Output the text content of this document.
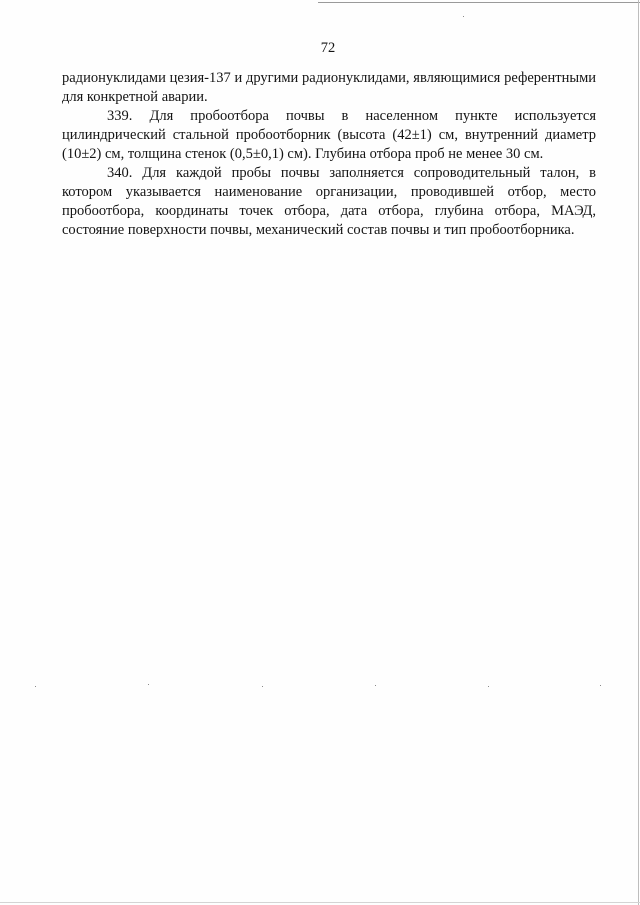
72

радионуклидами цезия-137 и другими радионуклидами, являющимися референтными для конкретной аварии.

339. Для пробоотбора почвы в населенном пункте используется цилиндрический стальной пробоотборник (высота (42±1) см, внутренний диаметр (10±2) см, толщина стенок (0,5±0,1) см). Глубина отбора проб не менее 30 см.

340. Для каждой пробы почвы заполняется сопроводительный талон, в котором указывается наименование организации, проводившей отбор, место пробоотбора, координаты точек отбора, дата отбора, глубина отбора, МАЭД, состояние поверхности почвы, механический состав почвы и тип пробоотборника.
